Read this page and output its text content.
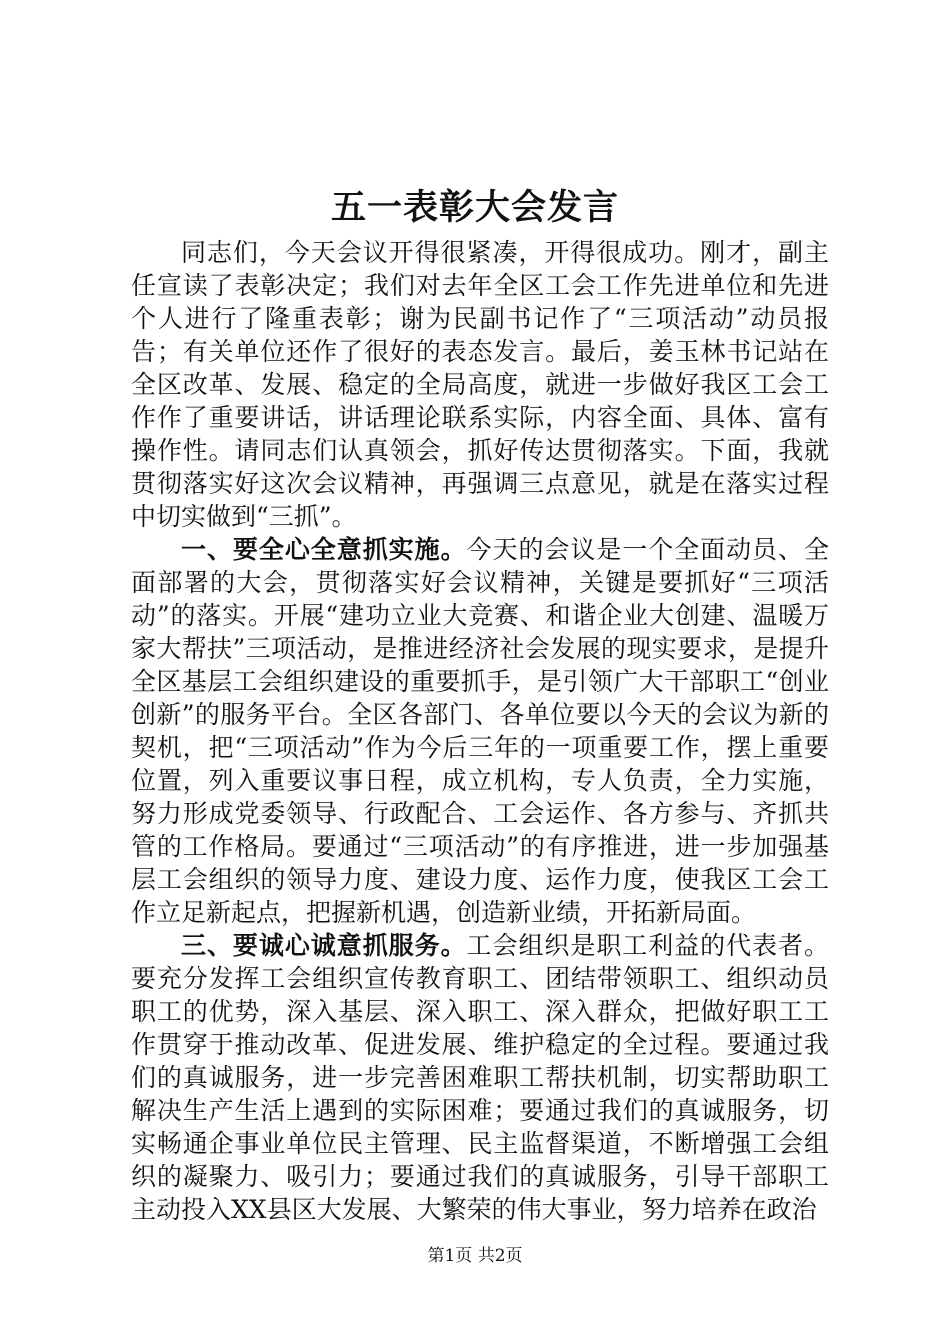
五一表彰大会发言

同志们，今天会议开得很紧凑，开得很成功。刚才，副主任宣读了表彰决定；我们对去年全区工会工作先进单位和先进个人进行了隆重表彰；谢为民副书记作了“三项活动”动员报告；有关单位还作了很好的表态发言。最后，姜玉林书记站在全区改革、发展、稳定的全局高度，就进一步做好我区工会工作作了重要讲话，讲话理论联系实际，内容全面、具体、富有操作性。请同志们认真领会，抓好传达贯彻落实。下面，我就贯彻落实好这次会议精神，再强调三点意见，就是在落实过程中切实做到“三抓”。

一、要全心全意抓实施。今天的会议是一个全面动员、全面部署的大会，贯彻落实好会议精神，关键是要抓好“三项活动”的落实。开展“建功立业大竞赛、和谐企业大创建、温暖万家大帮扶”三项活动，是推进经济社会发展的现实要求，是提升全区基层工会组织建设的重要抓手，是引领广大干部职工“创业创新”的服务平台。全区各部门、各单位要以今天的会议为新的契机，把“三项活动”作为今后三年的一项重要工作，摆上重要位置，列入重要议事日程，成立机构，专人负责，全力实施，努力形成党委领导、行政配合、工会运作、各方参与、齐抓共管的工作格局。要通过“三项活动”的有序推进，进一步加强基层工会组织的领导力度、建设力度、运作力度，使我区工会工作立足新起点，把握新机遇，创造新业绩，开拓新局面。

三、要诚心诚意抓服务。工会组织是职工利益的代表者。要充分发挥工会组织宣传教育职工、团结带领职工、组织动员职工的优势，深入基层、深入职工、深入群众，把做好职工工作贯穿于推动改革、促进发展、维护稳定的全过程。要通过我们的真诚服务，进一步完善困难职工帮扶机制，切实帮助职工解决生产生活上遇到的实际困难；要通过我们的真诚服务，切实畅通企事业单位民主管理、民主监督渠道，不断增强工会组织的凝聚力、吸引力；要通过我们的真诚服务，引导干部职工主动投入XX县区大发展、大繁荣的伟大事业，努力培养在政治

第1页 共2页
